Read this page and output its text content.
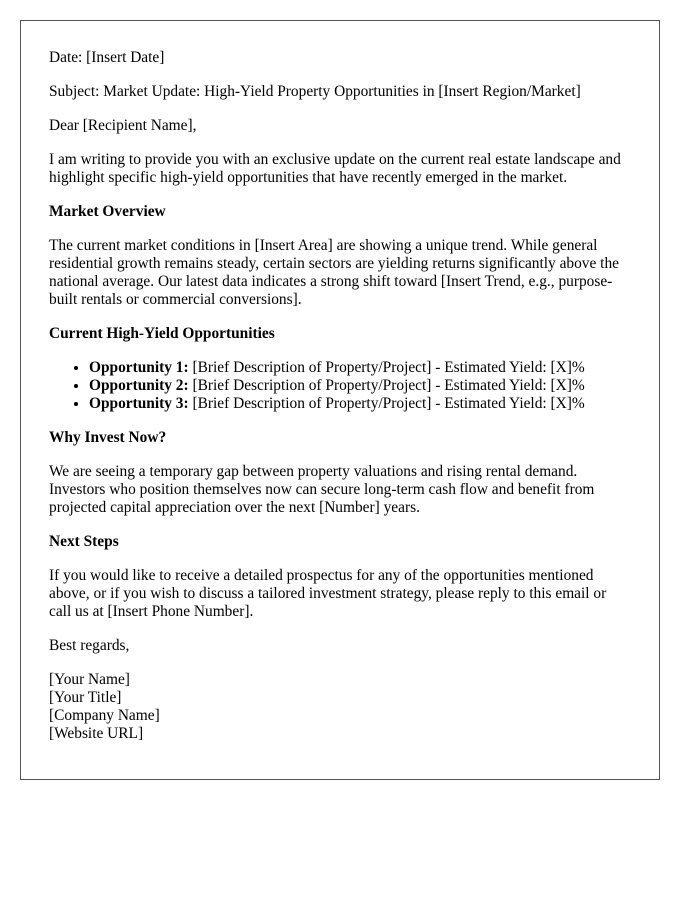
Date: [Insert Date]

Subject: Market Update: High-Yield Property Opportunities in [Insert Region/Market]

Dear [Recipient Name],

I am writing to provide you with an exclusive update on the current real estate landscape and highlight specific high-yield opportunities that have recently emerged in the market.

Market Overview

The current market conditions in [Insert Area] are showing a unique trend. While general residential growth remains steady, certain sectors are yielding returns significantly above the national average. Our latest data indicates a strong shift toward [Insert Trend, e.g., purpose-built rentals or commercial conversions].

Current High-Yield Opportunities
• Opportunity 1: [Brief Description of Property/Project] - Estimated Yield: [X]%
• Opportunity 2: [Brief Description of Property/Project] - Estimated Yield: [X]%
• Opportunity 3: [Brief Description of Property/Project] - Estimated Yield: [X]%
Why Invest Now?

We are seeing a temporary gap between property valuations and rising rental demand. Investors who position themselves now can secure long-term cash flow and benefit from projected capital appreciation over the next [Number] years.

Next Steps

If you would like to receive a detailed prospectus for any of the opportunities mentioned above, or if you wish to discuss a tailored investment strategy, please reply to this email or call us at [Insert Phone Number].

Best regards,

[Your Name]
[Your Title]
[Company Name]
[Website URL]
